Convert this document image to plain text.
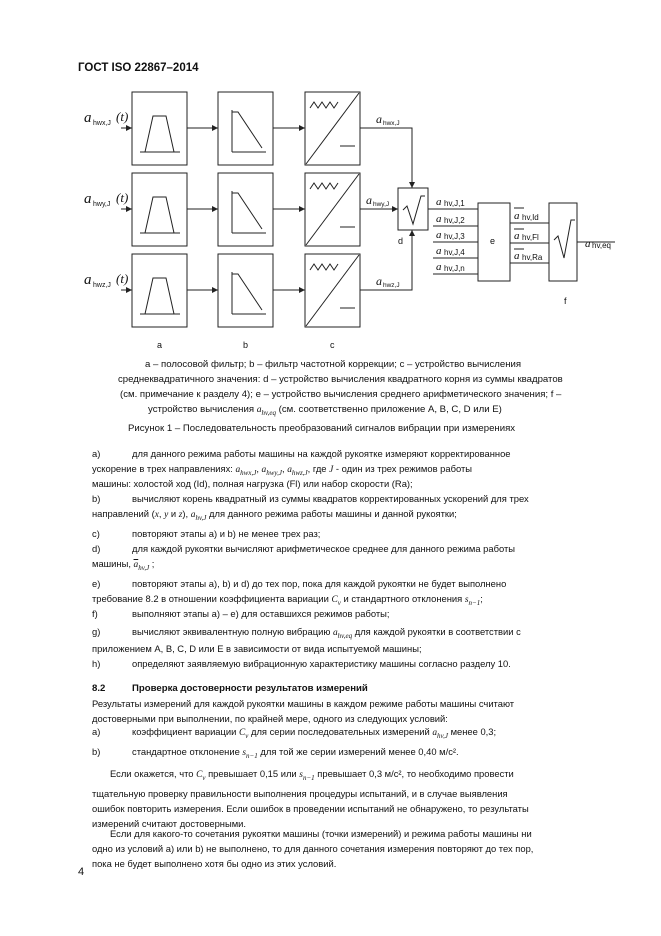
ГОСТ ISO 22867–2014
a
a
a
hwx,J
hwy,J
hwz,J
(t)
(t)
(t)
a
a
a
hwx,J
hwy,J
hwz,J
hv,J,1
hv,J,2
hv,J,3
hv,J,4
hv,J,n
hv,Id
hv,Fl
hv,Ra
hv,eq
a
a
a
a
a
a
a
a
a
a	b	c
d	e
f
a – полосовой фильтр; b – фильтр частотной коррекции; c – устройство вычисления
среднеквадратичного значения: d – устройство вычисления квадратного корня из суммы квадратов
(см. примечание к разделу 4); e – устройство вычисления среднего арифметического значения; f –
устройство вычисления $a_{hv,eq}$ (см. соответственно приложение А, В, С, D или Е)
Рисунок 1 – Последовательность преобразований сигналов вибрации при измерениях
a)	для данного режима работы машины на каждой рукоятке измеряют корректированное
ускорение в трех направлениях: $a_{hwx,J}$, $a_{hwy,J}$, $a_{hwz,J}$, где J - один из трех режимов работы
машины: холостой ход (Id), полная нагрузка (Fl) или набор скорости (Ra);
b)	вычисляют корень квадратный из суммы квадратов корректированных ускорений для трех
направлений (x, y и z), $a_{hv,J}$ для данного режима работы машины и данной рукоятки;
c)	повторяют этапы а) и b) не менее трех раз;
d)	для каждой рукоятки вычисляют арифметическое среднее для данного режима работы
машины, $\overline{a}_{hv,J}$ ;
e)	повторяют этапы а), b) и d) до тех пор, пока для каждой рукоятки не будет выполнено
требование 8.2 в отношении коэффициента вариации $C_v$ и стандартного отклонения $s_{n-1}$;
f)	выполняют этапы а) – е) для оставшихся режимов работы;
g)	вычисляют эквивалентную полную вибрацию $a_{hv,eq}$ для каждой рукоятки в соответствии с
приложением А, В, С, D или Е в зависимости от вида испытуемой машины;
h)	определяют заявляемую вибрационную характеристику машины согласно разделу 10.
8.2	Проверка достоверности результатов измерений
Результаты измерений для каждой рукоятки машины в каждом режиме работы машины считают
достоверными при выполнении, по крайней мере, одного из следующих условий:
a)	коэффициент вариации $C_v$ для серии последовательных измерений $a_{hv,J}$ менее 0,3;
b)	стандартное отклонение $s_{n-1}$ для той же серии измерений менее 0,40 м/с².
Если окажется, что $C_v$ превышает 0,15 или $s_{n-1}$ превышает 0,3 м/с², то необходимо провести
тщательную проверку правильности выполнения процедуры испытаний, и в случае выявления
ошибок повторить измерения. Если ошибок в проведении испытаний не обнаружено, то результаты
измерений считают достоверными.
Если для какого-то сочетания рукоятки машины (точки измерений) и режима работы машины ни
одно из условий а) или b) не выполнено, то для данного сочетания измерения повторяют до тех пор,
пока не будет выполнено хотя бы одно из этих условий.
4
